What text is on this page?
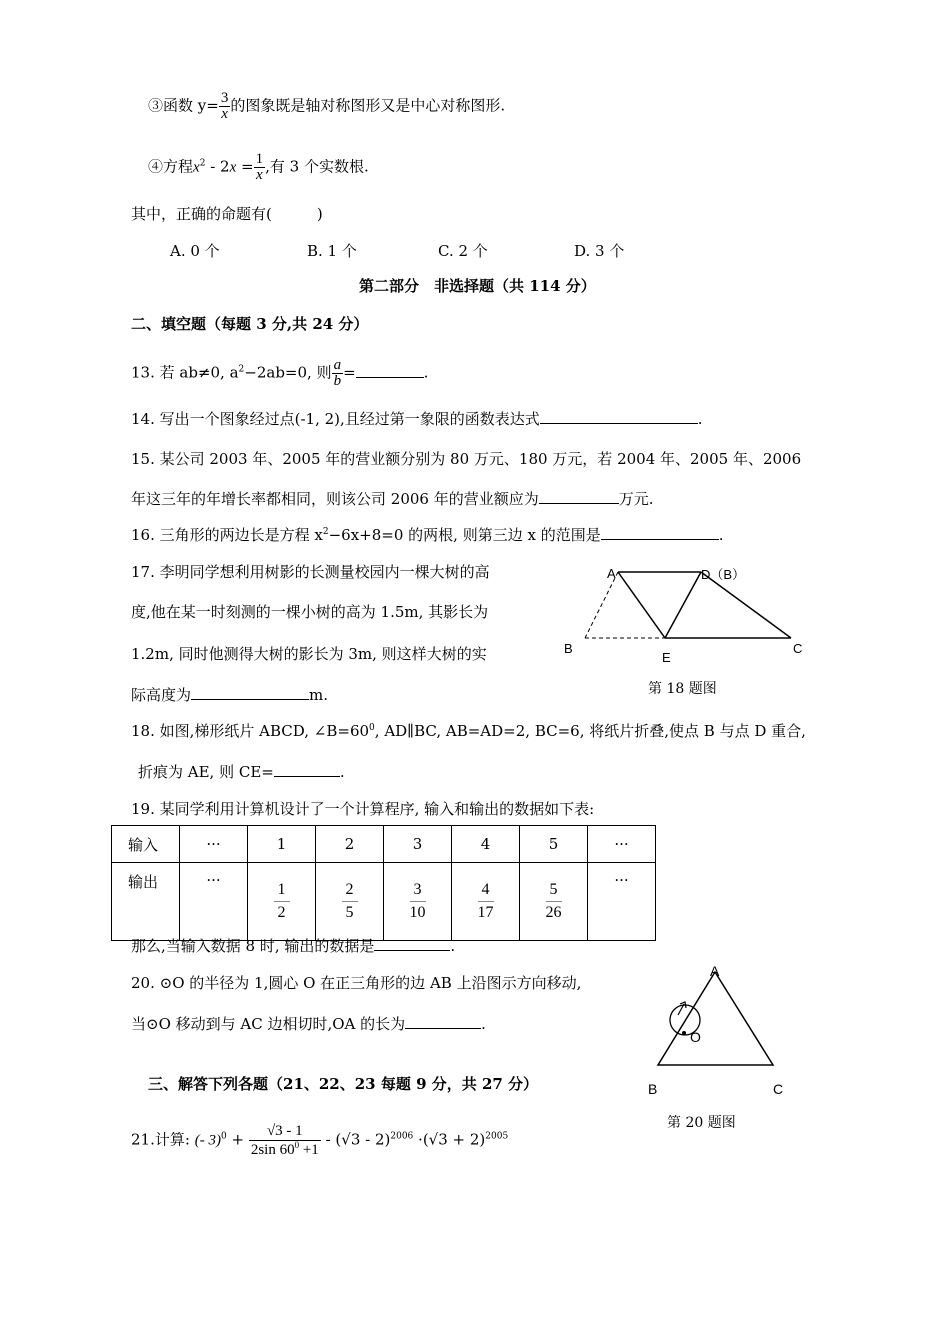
③函数 $y= \frac{3}{x}$ 的图象既是轴对称图形又是中心对称图形.
④方程$x^2 - 2x = \frac{1}{x}$ ,有 3 个实数根.
其中，正确的命题有(　　　)
A. 0 个	B. 1 个	C. 2 个	D. 3 个
第二部分　非选择题（共 114 分）
二、填空题（每题 3 分,共 24 分）
13. 若 ab≠0, $a^2-2ab=0$, 则 $\frac{a}{b}$ =	.
14. 写出一个图象经过点(-1, 2),且经过第一象限的函数表达式	.
15. 某公司 2003 年、2005 年的营业额分别为 80 万元、180 万元，若 2004 年、2005 年、2006
年这三年的年增长率都相同，则该公司 2006 年的营业额应为	万元.
16. 三角形的两边长是方程 $x^2-6x+8=0$ 的两根, 则第三边 x 的范围是	.
17. 李明同学想利用树影的长测量校园内一棵大树的高
度,他在某一时刻测的一棵小树的高为 1.5m, 其影长为
1.2m, 同时他测得大树的影长为 3m, 则这样大树的实
际高度为	m.
A	D（B）
B
E
C
第 18 题图
18. 如图,梯形纸片 ABCD, $\angle B=60^0$, AD∥BC, AB=AD=2, BC=6, 将纸片折叠,使点 B 与点 D 重合,
折痕为 AE, 则 CE=	.
19. 某同学利用计算机设计了一个计算程序, 输入和输出的数据如下表:
输入	···	1	2	3	4	5	···
输出	···	$\frac{1}{2}$	$\frac{2}{5}$	$\frac{3}{10}$	$\frac{4}{17}$	$\frac{5}{26}$	···
那么,当输入数据 8 时, 输出的数据是	.
20. ⊙O 的半径为 1,圆心 O 在正三角形的边 AB 上沿图示方向移动,
当⊙O 移动到与 AC 边相切时,OA 的长为	.
A
O
B	C
第 20 题图
三、解答下列各题（21、22、23 每题 9 分，共 27 分）
21.计算: (- $3)^0 + \frac{√3 - 1}{2\sin 60^0 +1} - (√3 - 2)^{2006} \cdot(√3 + 2)^{2005}$
